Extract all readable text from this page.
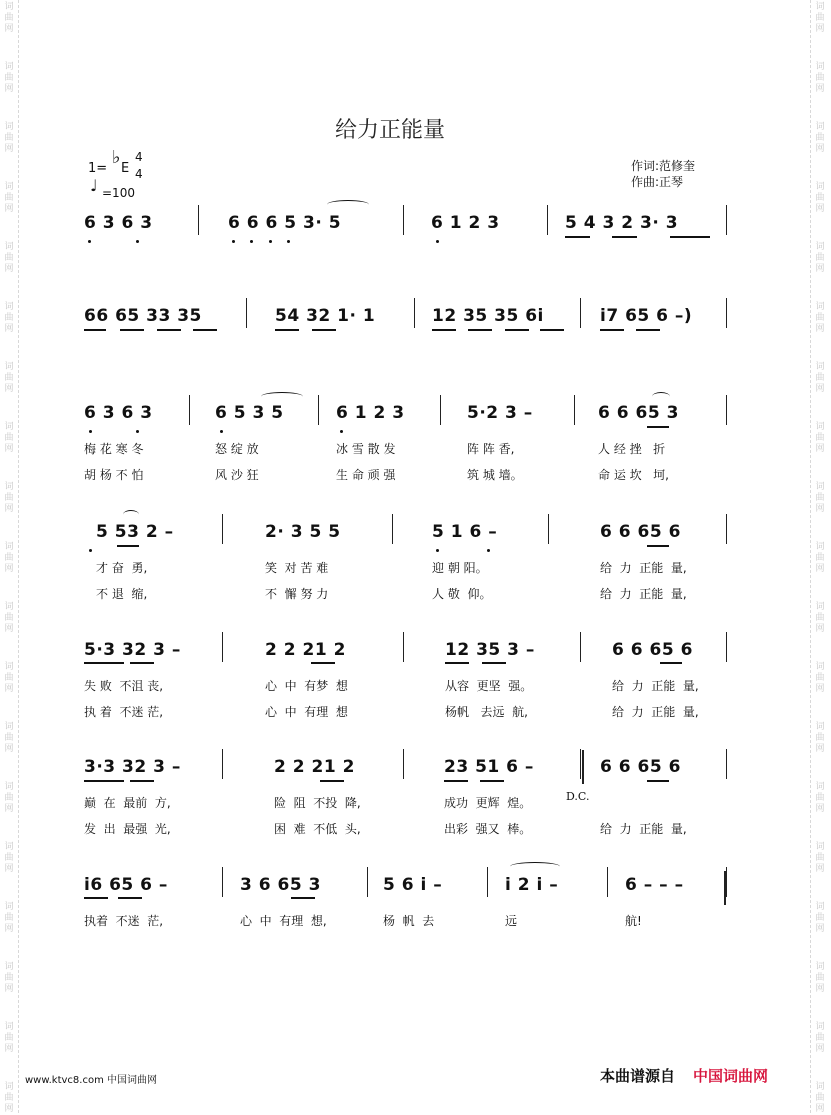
词
曲
网
词
曲
网
词
曲
网
词
曲
网
词
曲
网
词
曲
网
词
曲
网
词
曲
网
词
曲
网
词
曲
网
词
曲
网
词
曲
网
词
曲
网
词
曲
网
词
曲
网
词
曲
网
词
曲
网
词
曲
网
词
曲
网
词
曲
网
词
曲
网
词
曲
网
词
曲
网
词
曲
网
词
曲
网
词
曲
网
词
曲
网
词
曲
网
词
曲
网
词
曲
网
词
曲
网
词
曲
网
词
曲
网
词
曲
网
词
曲
网
词
曲
网
词
曲
网
词
曲
网
给力正能量
1=
♭
E
4
4
♩ =100
作词:范修奎
作曲:正琴
6 3 6 3	6 6 6 5 3· 5	6 1 2 3	5 4 3 2 3· 3
66 65 33 35	54 32 1· 1	12 35 35 6i	i7 65 6 –)
6 3 6 3	6 5 3 5	6 1 2 3	5·2 3 –	6 6 65 3
梅 花 寒 冬	怒 绽 放	冰 雪 散 发	阵 阵 香,	人 经 挫   折
胡 杨 不 怕	风 沙 狂	生 命 顽 强	筑 城 墙。	命 运 坎   坷,
5 53 2 –	2· 3 5 5	5 1 6 –	6 6 65 6
才 奋  勇,	笑  对 苦 难	迎 朝 阳。	给  力  正能  量,
不 退  缩,	不  懈 努 力	人 敬  仰。	给  力  正能  量,
5·3 32 3 –	2 2 21 2	12 35 3 –	6 6 65 6
失 败  不沮 丧,	心  中  有梦  想	从容  更坚  强。	给  力  正能  量,
执 着  不迷 茫,	心  中  有理  想	杨帆   去远  航,	给  力  正能  量,
3·3 32 3 –	2 2 21 2	23 51 6 –	6 6 65 6
巅  在  最前  方,	险  阻  不投  降,	成功  更辉  煌。
发  出  最强  光,	困  难  不低  头,	出彩  强又  棒。	给  力  正能  量,
i6 65 6 –	3 6 65 3	5 6 i –	i 2 i –	6 – – –
执着  不迷  茫,	心  中  有理  想,	杨  帆  去	远	航!
D.C.
www.ktvc8.com 中国词曲网	本曲谱源自 中国词曲网
